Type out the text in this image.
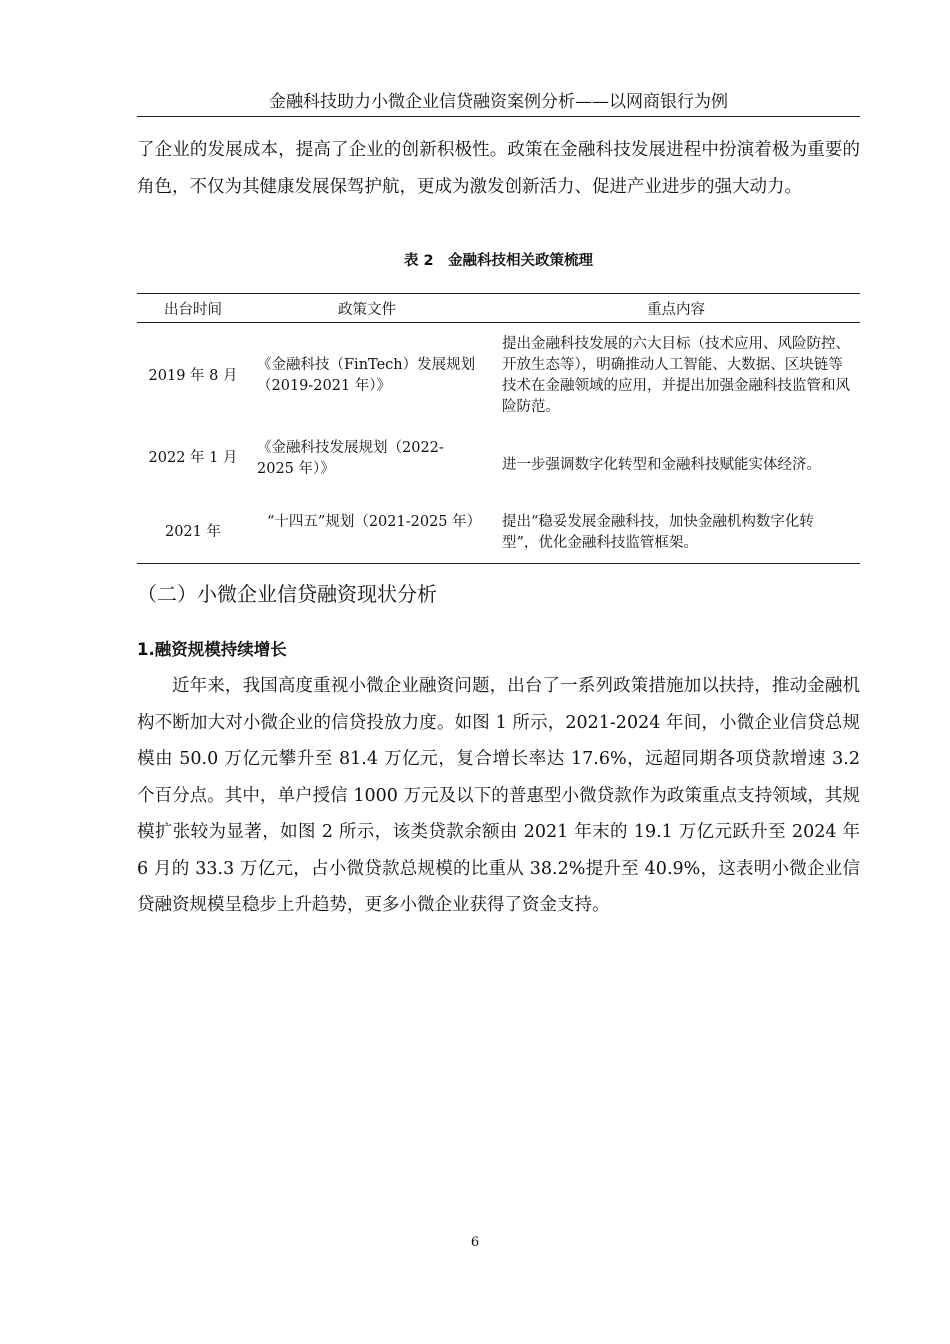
金融科技助力小微企业信贷融资案例分析——以网商银行为例

了企业的发展成本，提高了企业的创新积极性。政策在金融科技发展进程中扮演着极为重要的角色，不仅为其健康发展保驾护航，更成为激发创新活力、促进产业进步的强大动力。

表 2　金融科技相关政策梳理
出台时间	政策文件	重点内容
2019 年 8 月	《金融科技（FinTech）发展规划（2019-2021 年）》	提出金融科技发展的六大目标（技术应用、风险防控、开放生态等），明确推动人工智能、大数据、区块链等技术在金融领域的应用，并提出加强金融科技监管和风险防范。
2022 年 1 月	《金融科技发展规划（2022-2025 年）》	进一步强调数字化转型和金融科技赋能实体经济。
2021 年	“十四五”规划（2021-2025 年）	提出“稳妥发展金融科技，加快金融机构数字化转型”，优化金融科技监管框架。
（二）小微企业信贷融资现状分析
1.融资规模持续增长

近年来，我国高度重视小微企业融资问题，出台了一系列政策措施加以扶持，推动金融机构不断加大对小微企业的信贷投放力度。如图 1 所示，2021-2024 年间，小微企业信贷总规模由 50.0 万亿元攀升至 81.4 万亿元，复合增长率达 17.6%，远超同期各项贷款增速 3.2 个百分点。其中，单户授信 1000 万元及以下的普惠型小微贷款作为政策重点支持领域，其规模扩张较为显著，如图 2 所示，该类贷款余额由 2021 年末的 19.1 万亿元跃升至 2024 年 6 月的 33.3 万亿元，占小微贷款总规模的比重从 38.2%提升至 40.9%，这表明小微企业信贷融资规模呈稳步上升趋势，更多小微企业获得了资金支持。

6
